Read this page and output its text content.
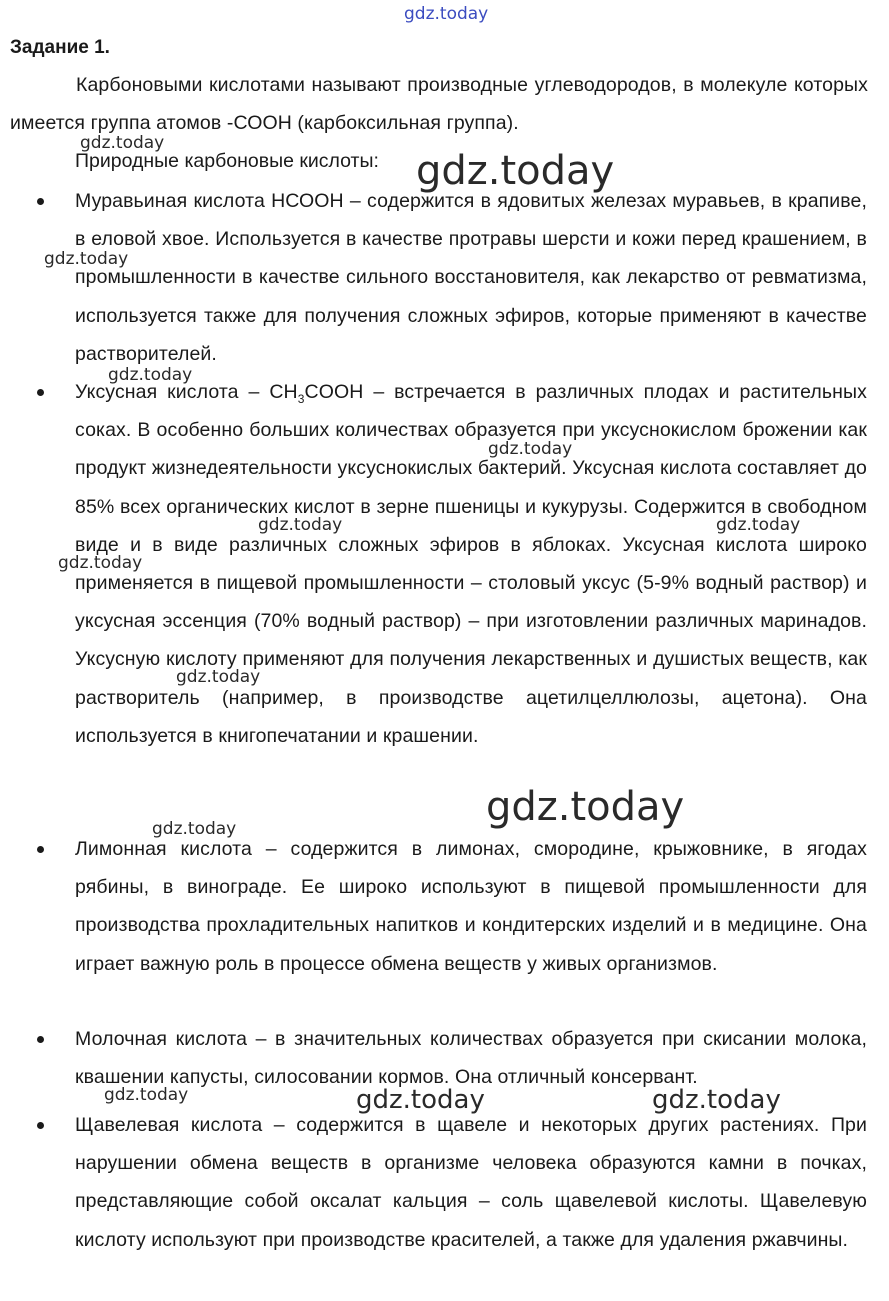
gdz.today
Задание 1.
Карбоновыми кислотами называют производные углеводородов, в молекуле которых имеется группа атомов -СООН (карбоксильная группа).
Природные карбоновые кислоты:
Муравьиная кислота НСООН – содержится в ядовитых железах муравьев, в крапиве, в еловой хвое. Используется в качестве протравы шерсти и кожи перед крашением, в промышленности в качестве сильного восстановителя, как лекарство от ревматизма, используется также для получения сложных эфиров, которые применяют в качестве растворителей.
Уксусная кислота – $CH_3COOH$ – встречается в различных плодах и растительных соках. В особенно больших количествах образуется при уксуснокислом брожении как продукт жизнедеятельности уксуснокислых бактерий. Уксусная кислота составляет до 85% всех органических кислот в зерне пшеницы и кукурузы. Содержится в свободном виде и в виде различных сложных эфиров в яблоках. Уксусная кислота широко применяется в пищевой промышленности – столовый уксус (5-9% водный раствор) и уксусная эссенция (70% водный раствор) – при изготовлении различных маринадов. Уксусную кислоту применяют для получения лекарственных и душистых веществ, как растворитель (например, в производстве ацетилцеллюлозы, ацетона). Она используется в книгопечатании и крашении.
Лимонная кислота – содержится в лимонах, смородине, крыжовнике, в ягодах рябины, в винограде. Ее широко используют в пищевой промышленности для производства прохладительных напитков и кондитерских изделий и в медицине. Она играет важную роль в процессе обмена веществ у живых организмов.
Молочная кислота – в значительных количествах образуется при скисании молока, квашении капусты, силосовании кормов. Она отличный консервант.
Щавелевая кислота – содержится в щавеле и некоторых других растениях. При нарушении обмена веществ в организме человека образуются камни в почках, представляющие собой оксалат кальция – соль щавелевой кислоты. Щавелевую кислоту используют при производстве красителей, а также для удаления ржавчины.
gdz.today
gdz.today
gdz.today
gdz.today
gdz.today
gdz.today	gdz.today
gdz.today
gdz.today
gdz.today
gdz.today
gdz.today	gdz.today	gdz.today
